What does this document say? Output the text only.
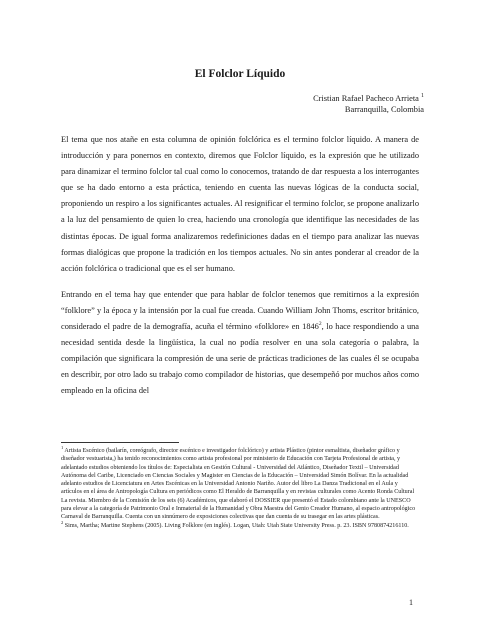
El Folclor Líquido
Cristian Rafael Pacheco Arrieta $^1$
Barranquilla, Colombia

El tema que nos atañe en esta columna de opinión folclórica es el termino folclor líquido. A manera de introducción y para ponernos en contexto, diremos que Folclor líquido, es la expresión que he utilizado para dinamizar el termino folclor tal cual como lo conocemos, tratando de dar respuesta a los interrogantes que se ha dado entorno a esta práctica, teniendo en cuenta las nuevas lógicas de la conducta social, proponiendo un respiro a los significantes actuales. Al resignificar el termino folclor, se propone analizarlo a la luz del pensamiento de quien lo crea, haciendo una cronología que identifique las necesidades de las distintas épocas. De igual forma analizaremos redefiniciones dadas en el tiempo para analizar las nuevas formas dialógicas que propone la tradición en los tiempos actuales. No sin antes ponderar al creador de la acción folclórica o tradicional que es el ser humano.

Entrando en el tema hay que entender que para hablar de folclor tenemos que remitirnos a la expresión “folklore” y la época y la intensión por la cual fue creada. Cuando William John Thoms, escritor británico, considerado el padre de la demografía, acuña el término «folklore» en 1846$^2$, lo hace respondiendo a una necesidad sentida desde la lingüística, la cual no podía resolver en una sola categoría o palabra, la compilación que significara la compresión de una serie de prácticas tradiciones de las cuales él se ocupaba en describir, por otro lado su trabajo como compilador de historias, que desempeñó por muchos años como empleado en la oficina del

$^1$ Artista Escénico (bailarín, coreógrafo, director escénico e investigador folclórico) y artista Plástico (pintor esmaltista, diseñador gráfico y diseñador vestuarista,) ha tenido reconocimientos como artista profesional por ministerio de Educación con Tarjeta Profesional de artista, y adelantado estudios obteniendo los títulos de: Especialista en Gestión Cultural - Universidad del Atlántico, Diseñador Textil – Universidad Autónoma del Caribe, Licenciado en Ciencias Sociales y Magister en Ciencias de la Educación – Universidad Simón Bolívar. En la actualidad adelanto estudios de Licenciatura en Artes Escénicas en la Universidad Antonio Nariño. Autor del libro La Danza Tradicional en el Aula y artículos en el área de Antropología Cultura en periódicos como El Heraldo de Barranquilla y en revistas culturales como Acento Ronda Cultural La revista. Miembro de la Comisión de los seis (6) Académicos, que elaboró el DOSSIER que presentó el Estado colombiano ante la UNESCO para elevar a la categoría de Patrimonio Oral e Inmaterial de la Humanidad y Obra Maestra del Genio Creador Humano, al espacio antropológico Carnaval de Barranquilla. Cuenta con un sinnúmero de exposiciones colectivas que dan cuenta de su trasegar en las artes plásticas.

$^2$ Sims, Martha; Martine Stephens (2005). Living Folklore (en inglés). Logan, Utah: Utah State University Press. p. 23. ISBN 9780874216110.

1
